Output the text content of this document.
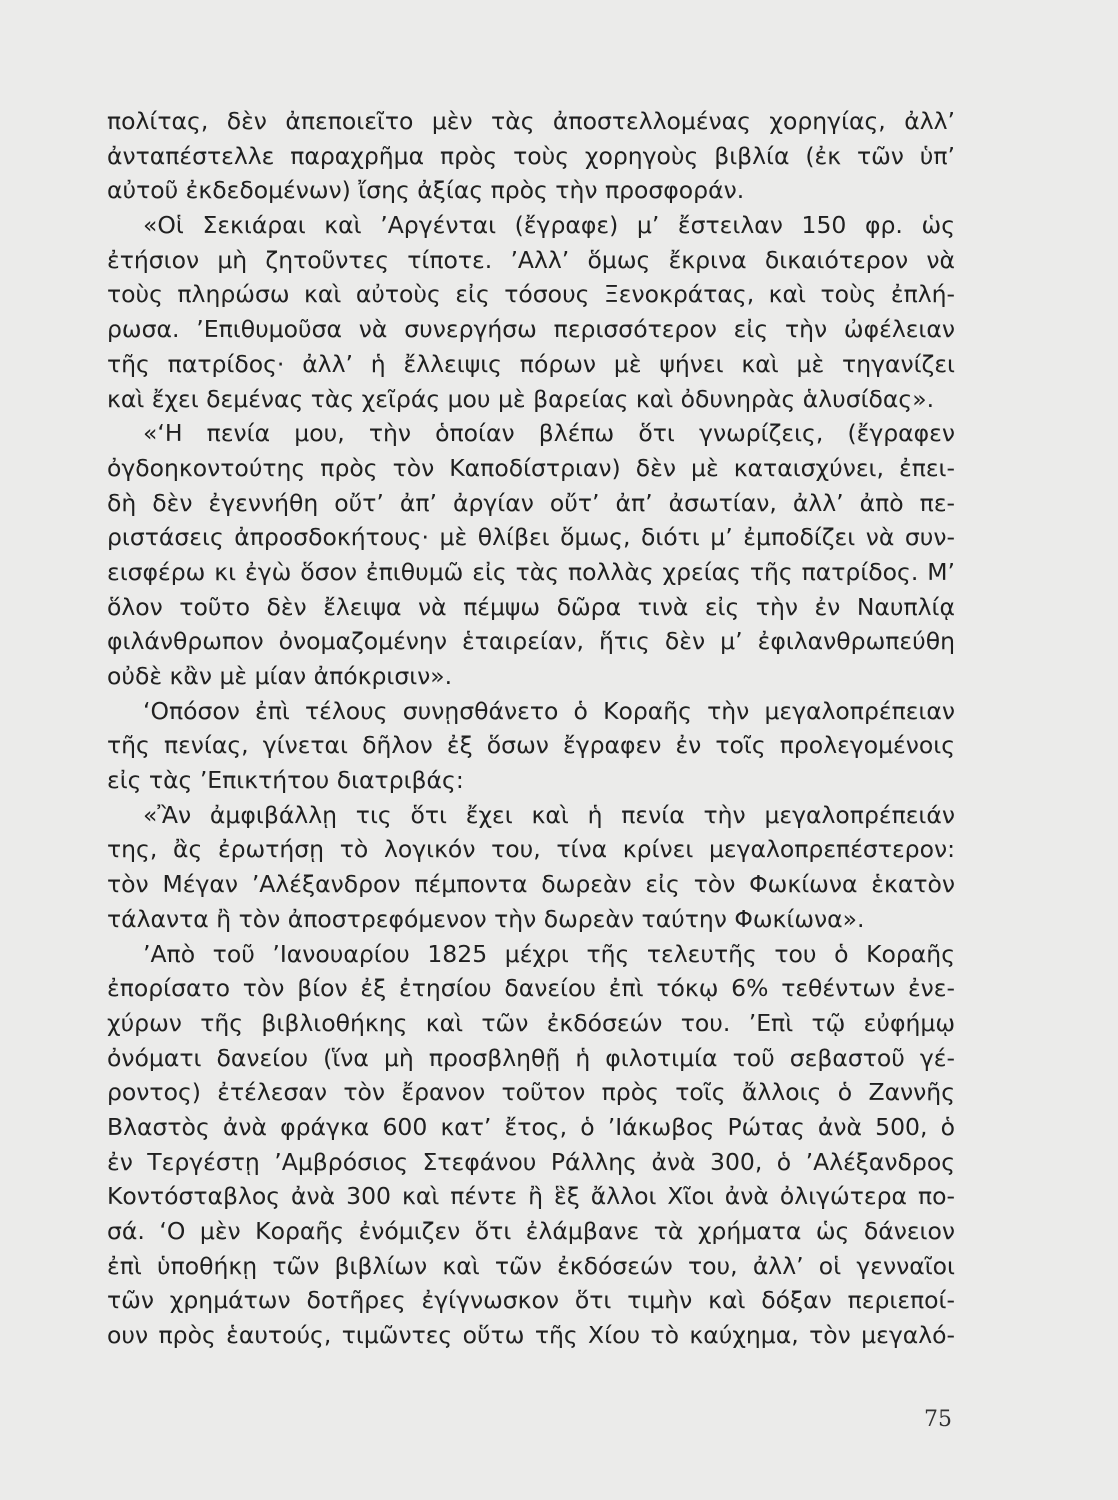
πολίτας, δὲν ἀπεποιεῖτο μὲν τὰς ἀποστελλομένας χορηγίας, ἀλλ’
ἀνταπέστελλε παραχρῆμα πρὸς τοὺς χορηγοὺς βιβλία (ἐκ τῶν ὑπ’
αὐτοῦ ἐκδεδομένων) ἴσης ἀξίας πρὸς τὴν προσφοράν.
«Οἱ Σεκιάραι καὶ ’Αργένται (ἔγραφε) μ’ ἔστειλαν 150 φρ. ὡς
ἐτήσιον μὴ ζητοῦντες τίποτε. ’Αλλ’ ὅμως ἔκρινα δικαιότερον νὰ
τοὺς πληρώσω καὶ αὐτοὺς εἰς τόσους Ξενοκράτας, καὶ τοὺς ἐπλή-
ρωσα. ’Επιθυμοῦσα νὰ συνεργήσω περισσότερον εἰς τὴν ὠφέλειαν
τῆς πατρίδος· ἀλλ’ ἡ ἔλλειψις πόρων μὲ ψήνει καὶ μὲ τηγανίζει
καὶ ἔχει δεμένας τὰς χεῖράς μου μὲ βαρείας καὶ ὀδυνηρὰς ἁλυσίδας».
«‘Η πενία μου, τὴν ὁποίαν βλέπω ὅτι γνωρίζεις, (ἔγραφεν
ὀγδοηκοντούτης πρὸς τὸν Καποδίστριαν) δὲν μὲ καταισχύνει, ἐπει-
δὴ δὲν ἐγεννήθη οὔτ’ ἀπ’ ἀργίαν οὔτ’ ἀπ’ ἀσωτίαν, ἀλλ’ ἀπὸ πε-
ριστάσεις ἀπροσδοκήτους· μὲ θλίβει ὅμως, διότι μ’ ἐμποδίζει νὰ συν-
εισφέρω κι ἐγὼ ὅσον ἐπιθυμῶ εἰς τὰς πολλὰς χρείας τῆς πατρίδος. Μ’
ὅλον τοῦτο δὲν ἔλειψα νὰ πέμψω δῶρα τινὰ εἰς τὴν ἐν Ναυπλίᾳ
φιλάνθρωπον ὀνομαζομένην ἑταιρείαν, ἥτις δὲν μ’ ἐφιλανθρωπεύθη
οὐδὲ κἂν μὲ μίαν ἀπόκρισιν».
‘Οπόσον ἐπὶ τέλους συνῃσθάνετο ὁ Κοραῆς τὴν μεγαλοπρέπειαν
τῆς πενίας, γίνεται δῆλον ἐξ ὅσων ἔγραφεν ἐν τοῖς προλεγομένοις
εἰς τὰς ’Επικτήτου διατριβάς:
«Ἂν ἀμφιβάλλῃ τις ὅτι ἔχει καὶ ἡ πενία τὴν μεγαλοπρέπειάν
της, ἂς ἐρωτήσῃ τὸ λογικόν του, τίνα κρίνει μεγαλοπρεπέστερον:
τὸν Μέγαν ’Αλέξανδρον πέμποντα δωρεὰν εἰς τὸν Φωκίωνα ἑκατὸν
τάλαντα ἢ τὸν ἀποστρεφόμενον τὴν δωρεὰν ταύτην Φωκίωνα».
’Απὸ τοῦ ’Ιανουαρίου 1825 μέχρι τῆς τελευτῆς του ὁ Κοραῆς
ἐπορίσατο τὸν βίον ἐξ ἐτησίου δανείου ἐπὶ τόκῳ 6% τεθέντων ἐνε-
χύρων τῆς βιβλιοθήκης καὶ τῶν ἐκδόσεών του. ’Επὶ τῷ εὐφήμῳ
ὀνόματι δανείου (ἵνα μὴ προσβληθῇ ἡ φιλοτιμία τοῦ σεβαστοῦ γέ-
ροντος) ἐτέλεσαν τὸν ἔρανον τοῦτον πρὸς τοῖς ἄλλοις ὁ Ζαννῆς
Βλαστὸς ἀνὰ φράγκα 600 κατ’ ἔτος, ὁ ’Ιάκωβος Ρώτας ἀνὰ 500, ὁ
ἐν Τεργέστῃ ’Αμβρόσιος Στεφάνου Ράλλης ἀνὰ 300, ὁ ’Αλέξανδρος
Κοντόσταβλος ἀνὰ 300 καὶ πέντε ἢ ἓξ ἄλλοι Χῖοι ἀνὰ ὀλιγώτερα πο-
σά. ‘Ο μὲν Κοραῆς ἐνόμιζεν ὅτι ἐλάμβανε τὰ χρήματα ὡς δάνειον
ἐπὶ ὑποθήκῃ τῶν βιβλίων καὶ τῶν ἐκδόσεών του, ἀλλ’ οἱ γενναῖοι
τῶν χρημάτων δοτῆρες ἐγίγνωσκον ὅτι τιμὴν καὶ δόξαν περιεποί-
ουν πρὸς ἑαυτούς, τιμῶντες οὕτω τῆς Χίου τὸ καύχημα, τὸν μεγαλό-
75
